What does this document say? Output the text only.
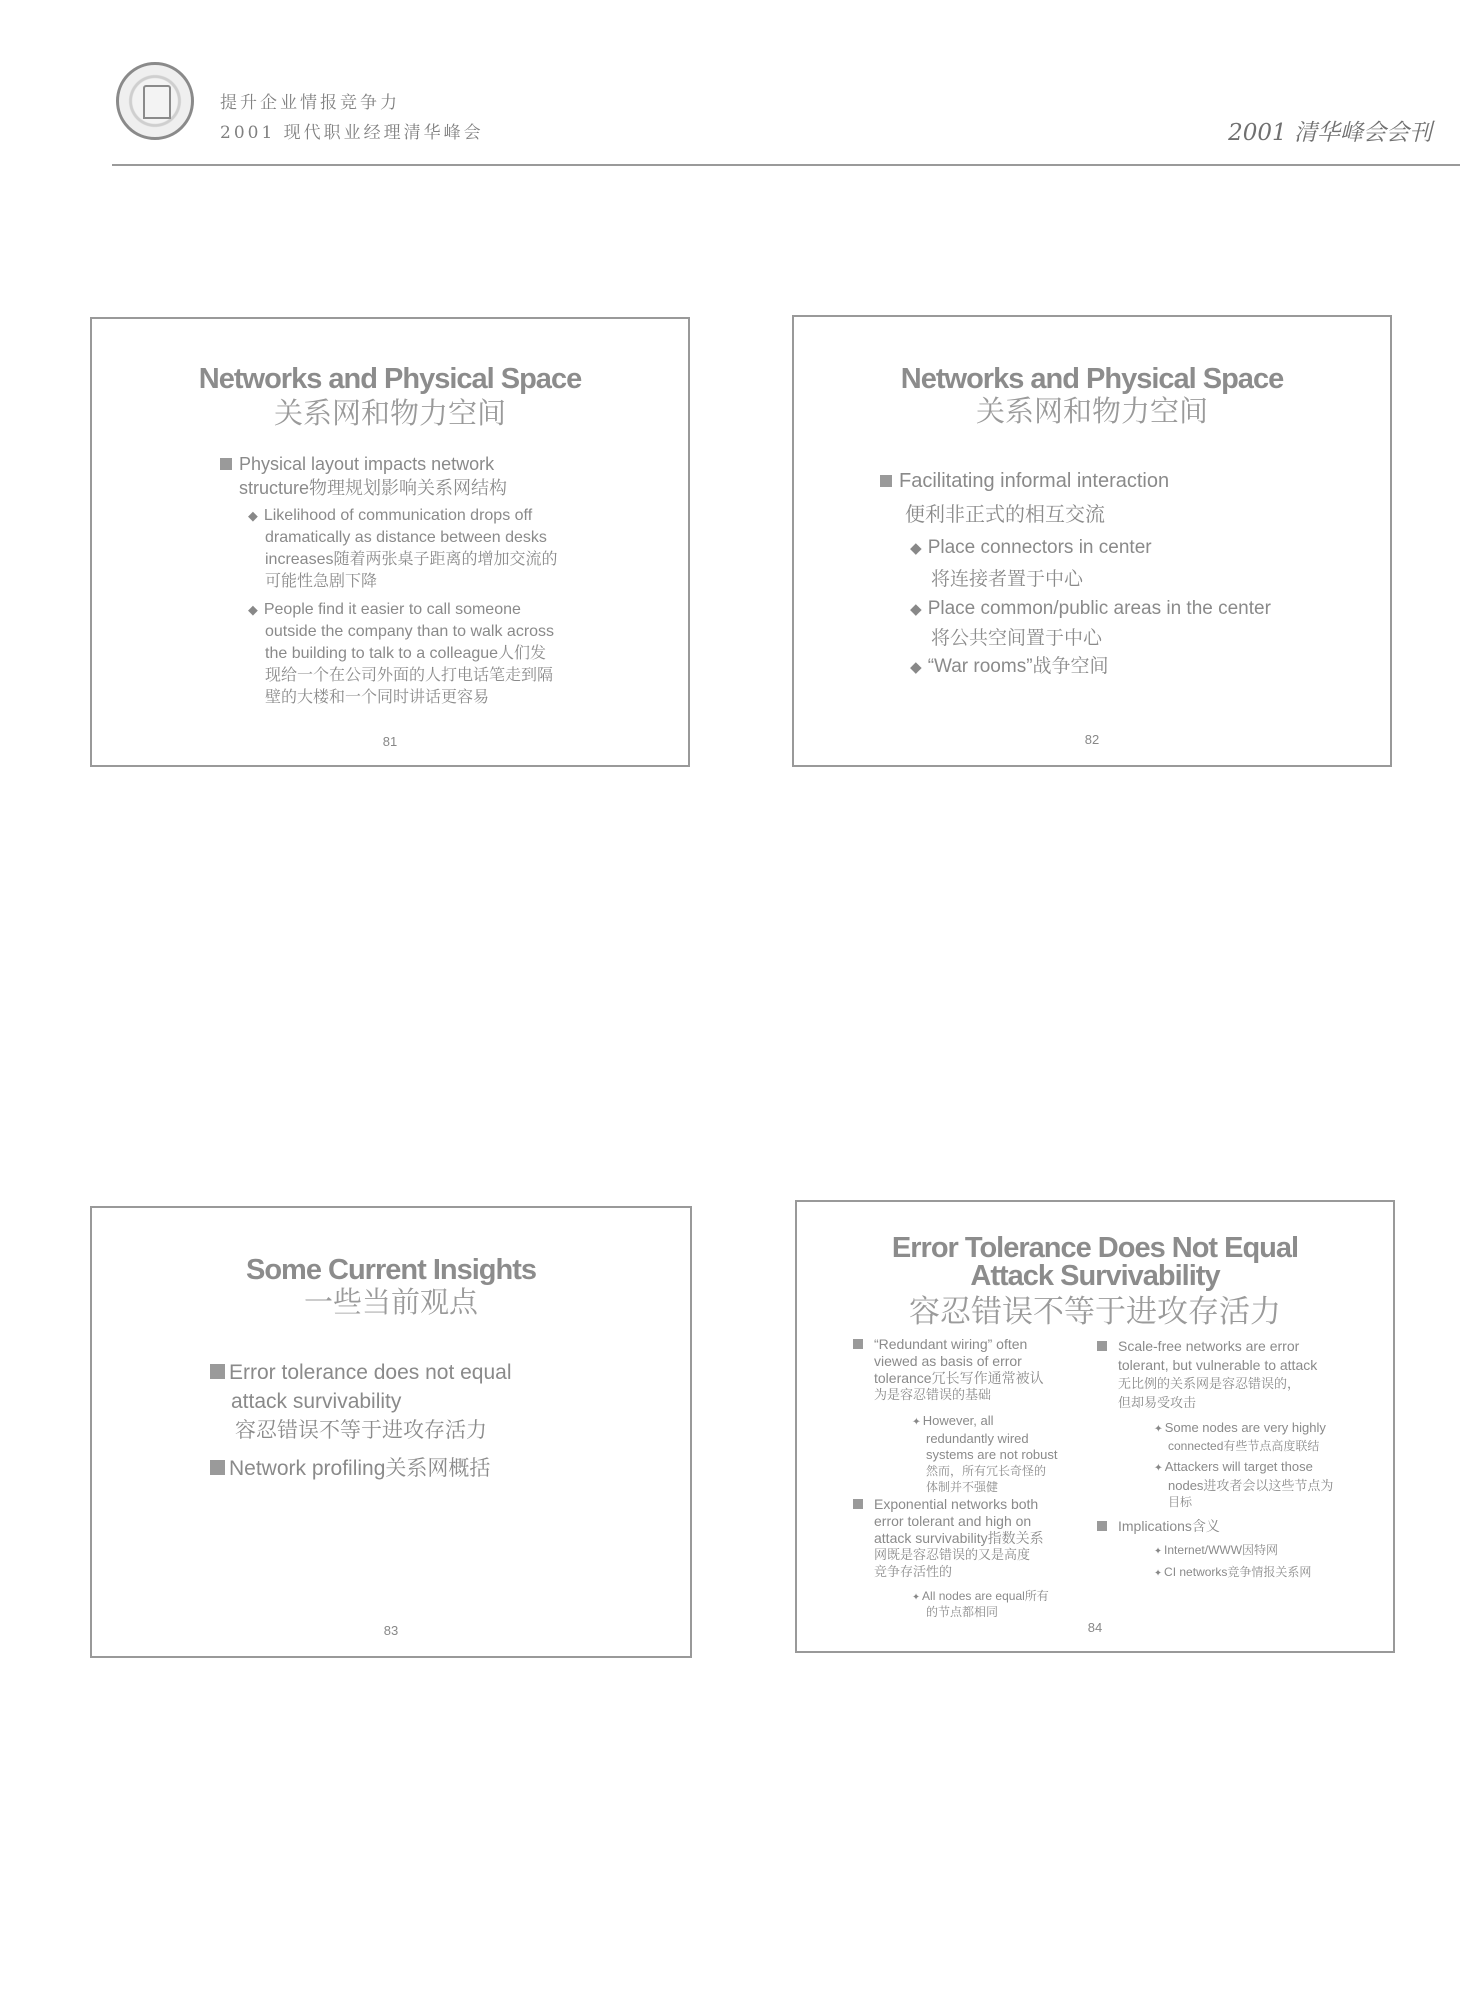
提升企业情报竞争力
2001 现代职业经理清华峰会	2001 清华峰会会刊
Networks and Physical Space
关系网和物力空间
Physical layout impacts network
structure物理规划影响关系网结构
◆ Likelihood of communication drops off
dramatically as distance between desks
increases随着两张桌子距离的增加交流的
可能性急剧下降
◆ People find it easier to call someone
outside the company than to walk across
the building to talk to a colleague人们发
现给一个在公司外面的人打电话笔走到隔
壁的大楼和一个同时讲话更容易
81
Networks and Physical Space
关系网和物力空间
Facilitating informal interaction
便利非正式的相互交流
◆ Place connectors in center
将连接者置于中心
◆ Place common/public areas in the center
将公共空间置于中心
◆ “War rooms”战争空间
82
Some Current Insights
一些当前观点
Error tolerance does not equal
attack survivability
容忍错误不等于进攻存活力
Network profiling关系网概括
83
Error Tolerance Does Not Equal
Attack Survivability
容忍错误不等于进攻存活力
“Redundant wiring” often
viewed as basis of error
tolerance冗长写作通常被认
为是容忍错误的基础
✦ However, all
redundantly wired
systems are not robust
然而，所有冗长奇怪的
体制并不强健
Exponential networks both
error tolerant and high on
attack survivability指数关系
网既是容忍错误的又是高度
竞争存活性的
✦ All nodes are equal所有
的节点都相同
Scale-free networks are error
tolerant, but vulnerable to attack
无比例的关系网是容忍错误的，
但却易受攻击
✦ Some nodes are very highly
connected有些节点高度联结
✦ Attackers will target those
nodes进攻者会以这些节点为
目标
Implications含义
✦ Internet/WWW因特网
✦ CI networks竞争情报关系网
84
